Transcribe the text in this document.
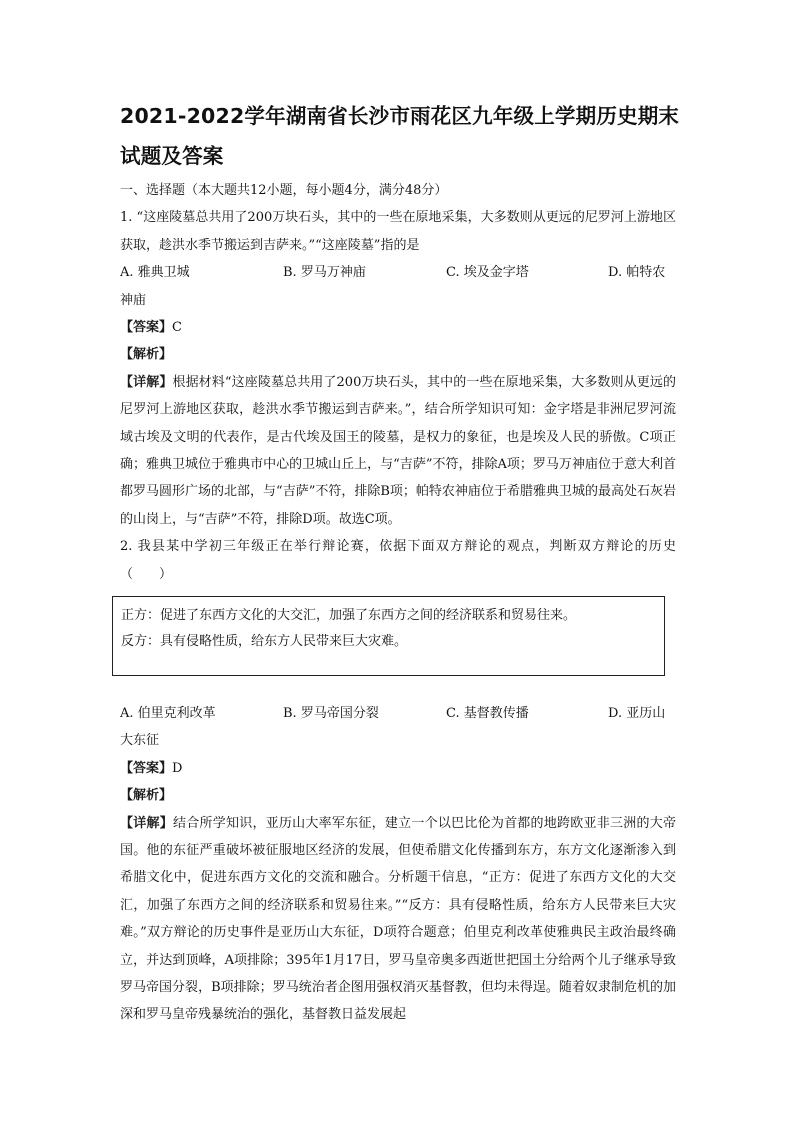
2021-2022学年湖南省长沙市雨花区九年级上学期历史期末试题及答案
一、选择题（本大题共12小题，每小题4分，满分48分）

1. “这座陵墓总共用了200万块石头，其中的一些在原地采集，大多数则从更远的尼罗河上游地区获取，趁洪水季节搬运到吉萨来。”“这座陵墓”指的是

A. 雅典卫城	B. 罗马万神庙	C. 埃及金字塔	D. 帕特农
神庙
【答案】C
【解析】

【详解】根据材料“这座陵墓总共用了200万块石头，其中的一些在原地采集，大多数则从更远的尼罗河上游地区获取，趁洪水季节搬运到吉萨来。”，结合所学知识可知：金字塔是非洲尼罗河流域古埃及文明的代表作，是古代埃及国王的陵墓，是权力的象征，也是埃及人民的骄傲。C项正确；雅典卫城位于雅典市中心的卫城山丘上，与“吉萨”不符，排除A项；罗马万神庙位于意大利首都罗马圆形广场的北部，与“吉萨”不符，排除B项；帕特农神庙位于希腊雅典卫城的最高处石灰岩的山岗上，与“吉萨”不符，排除D项。故选C项。

2. 我县某中学初三年级正在举行辩论赛，依据下面双方辩论的观点，判断双方辩论的历史（　　）

正方：促进了东西方文化的大交汇，加强了东西方之间的经济联系和贸易往来。
反方：具有侵略性质，给东方人民带来巨大灾难。
A. 伯里克利改革	B. 罗马帝国分裂	C. 基督教传播	D. 亚历山
大东征
【答案】D
【解析】

【详解】结合所学知识，亚历山大率军东征，建立一个以巴比伦为首都的地跨欧亚非三洲的大帝国。他的东征严重破坏被征服地区经济的发展，但使希腊文化传播到东方，东方文化逐渐渗入到希腊文化中，促进东西方文化的交流和融合。分析题干信息，“正方：促进了东西方文化的大交汇，加强了东西方之间的经济联系和贸易往来。”“反方：具有侵略性质，给东方人民带来巨大灾难。”双方辩论的历史事件是亚历山大东征，D项符合题意；伯里克利改革使雅典民主政治最终确立，并达到顶峰，A项排除；395年1月17日，罗马皇帝奥多西逝世把国土分给两个儿子继承导致罗马帝国分裂，B项排除；罗马统治者企图用强权消灭基督教，但均未得逞。随着奴隶制危机的加深和罗马皇帝残暴统治的强化，基督教日益发展起
